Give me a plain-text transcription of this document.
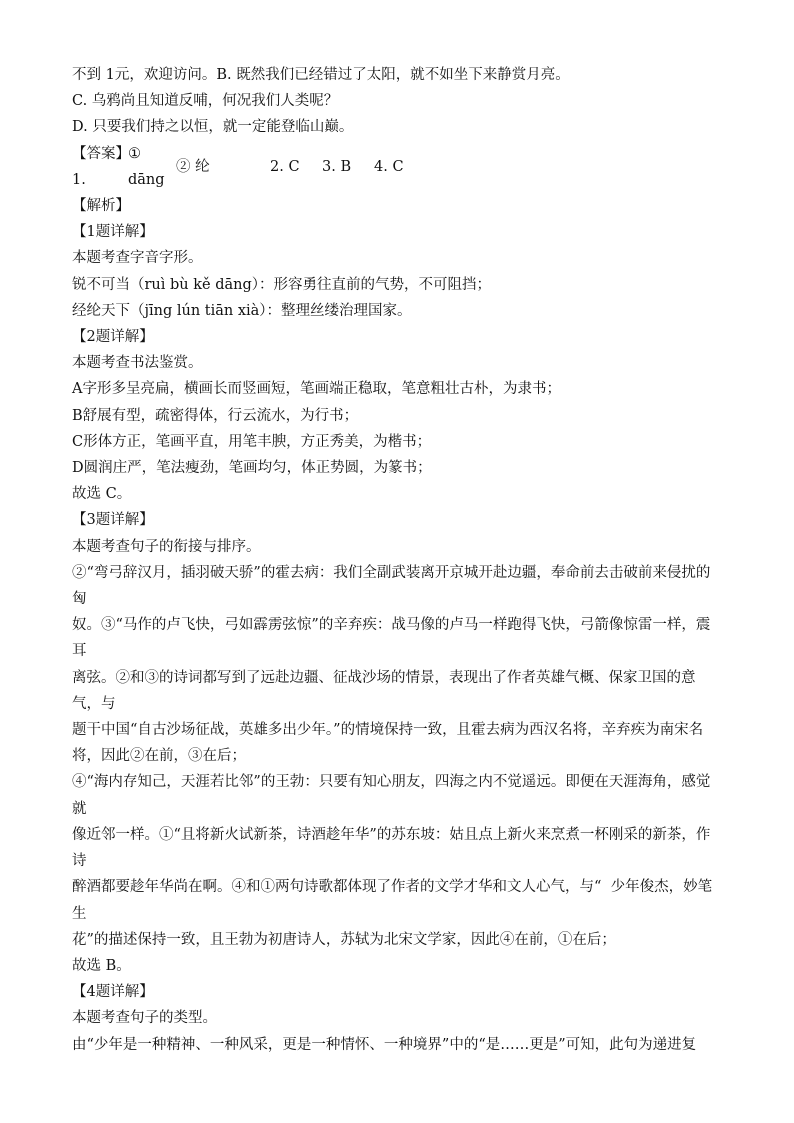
不到 1元，欢迎访问。B. 既然我们已经错过了太阳，就不如坐下来静赏月亮。

C. 乌鸦尚且知道反哺，何况我们人类呢？

D. 只要我们持之以恒，就一定能登临山巅。

【答案】1.
① dāng
② 纶	2. C	3. B	4. C

【解析】

【1题详解】

本题考查字音字形。

锐不可当（ruì bù kě dāng）：形容勇往直前的气势，不可阻挡；

经纶天下（jīng lún tiān xià）：整理丝缕治理国家。

【2题详解】

本题考查书法鉴赏。

A字形多呈亮扁，横画长而竖画短，笔画端正稳取，笔意粗壮古朴，为隶书；

B舒展有型，疏密得体，行云流水，为行书；

C形体方正，笔画平直，用笔丰腴，方正秀美，为楷书；

D圆润庄严，笔法瘦劲，笔画均匀，体正势圆，为篆书；

故选 C。

【3题详解】

本题考查句子的衔接与排序。

②“弯弓辞汉月，插羽破天骄”的霍去病：我们全副武装离开京城开赴边疆，奉命前去击破前来侵扰的匈

奴。③“马作的卢飞快，弓如霹雳弦惊”的辛弃疾：战马像的卢马一样跑得飞快，弓箭像惊雷一样，震耳

离弦。②和③的诗词都写到了远赴边疆、征战沙场的情景，表现出了作者英雄气概、保家卫国的意气，与

题干中国“自古沙场征战，英雄多出少年。”的情境保持一致，且霍去病为西汉名将，辛弃疾为南宋名

将，因此②在前，③在后；

④“海内存知己，天涯若比邻”的王勃：只要有知心朋友，四海之内不觉遥远。即便在天涯海角，感觉就

像近邻一样。①“且将新火试新茶，诗酒趁年华”的苏东坡：姑且点上新火来烹煮一杯刚采的新茶，作诗

醉酒都要趁年华尚在啊。④和①两句诗歌都体现了作者的文学才华和文人心气，与“  少年俊杰，妙笔生

花”的描述保持一致，且王勃为初唐诗人，苏轼为北宋文学家，因此④在前，①在后；

故选 B。

【4题详解】

本题考查句子的类型。

由“少年是一种精神、一种风采，更是一种情怀、一种境界”中的“是……更是”可知，此句为递进复
